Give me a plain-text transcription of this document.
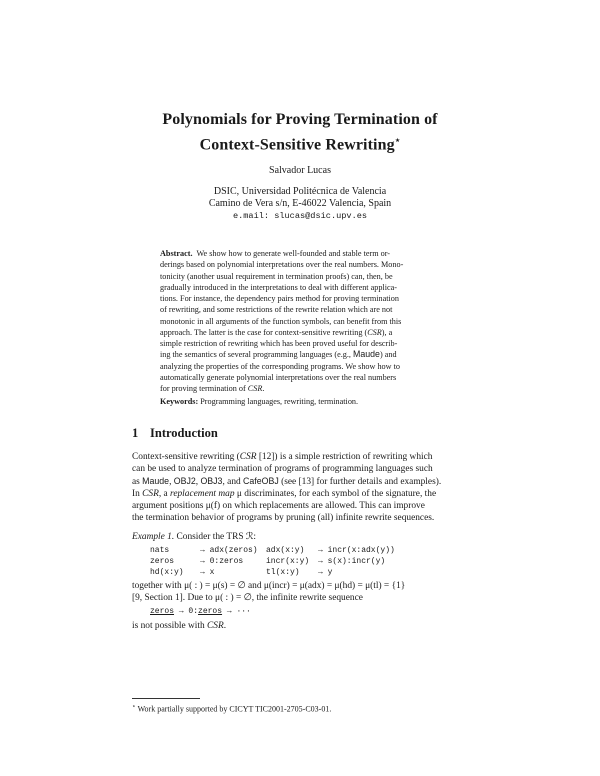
Polynomials for Proving Termination of
Context-Sensitive Rewriting⋆
Salvador Lucas
DSIC, Universidad Politécnica de Valencia
Camino de Vera s/n, E-46022 Valencia, Spain
e.mail: slucas@dsic.upv.es
Abstract. We show how to generate well-founded and stable term or-
derings based on polynomial interpretations over the real numbers. Mono-
tonicity (another usual requirement in termination proofs) can, then, be
gradually introduced in the interpretations to deal with different applica-
tions. For instance, the dependency pairs method for proving termination
of rewriting, and some restrictions of the rewrite relation which are not
monotonic in all arguments of the function symbols, can benefit from this
approach. The latter is the case for context-sensitive rewriting (CSR), a
simple restriction of rewriting which has been proved useful for describ-
ing the semantics of several programming languages (e.g., Maude) and
analyzing the properties of the corresponding programs. We show how to
automatically generate polynomial interpretations over the real numbers
for proving termination of CSR.
Keywords: Programming languages, rewriting, termination.
1 Introduction
Context-sensitive rewriting (CSR [12]) is a simple restriction of rewriting which
can be used to analyze termination of programs of programming languages such
as Maude, OBJ2, OBJ3, and CafeOBJ (see [13] for further details and examples).
In CSR, a replacement map μ discriminates, for each symbol of the signature, the
argument positions μ(f) on which replacements are allowed. This can improve
the termination behavior of programs by pruning (all) infinite rewrite sequences.
Example 1. Consider the TRS ℛ:
nats	→ adx(zeros)
zeros	→ 0:zeros
hd(x:y) → x
adx(x:y) → incr(x:adx(y))
incr(x:y) → s(x):incr(y)
tl(x:y) → y
together with μ( : ) = μ(s) = ∅ and μ(incr) = μ(adx) = μ(hd) = μ(tl) = {1}
[9, Section 1]. Due to μ( : ) = ∅, the infinite rewrite sequence
zeros → 0:zeros → ···
is not possible with CSR.
⋆ Work partially supported by CICYT TIC2001-2705-C03-01.
